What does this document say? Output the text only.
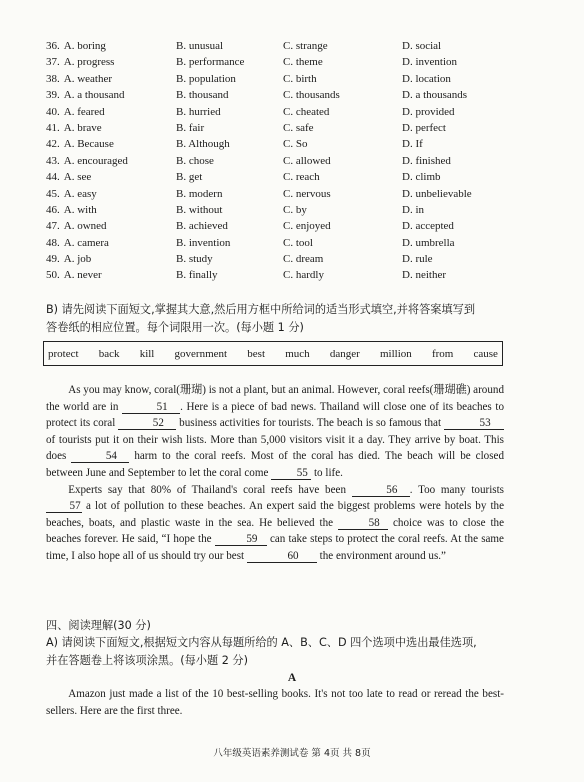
36. A. boring	B. unusual	C. strange	D. social
37. A. progress	B. performance	C. theme	D. invention
38. A. weather	B. population	C. birth	D. location
39. A. a thousand	B. thousand	C. thousands	D. a thousands
40. A. feared	B. hurried	C. cheated	D. provided
41. A. brave	B. fair	C. safe	D. perfect
42. A. Because	B. Although	C. So	D. If
43. A. encouraged	B. chose	C. allowed	D. finished
44. A. see	B. get	C. reach	D. climb
45. A. easy	B. modern	C. nervous	D. unbelievable
46. A. with	B. without	C. by	D. in
47. A. owned	B. achieved	C. enjoyed	D. accepted
48. A. camera	B. invention	C. tool	D. umbrella
49. A. job	B. study	C. dream	D. rule
50. A. never	B. finally	C. hardly	D. neither
B) 请先阅读下面短文,掌握其大意,然后用方框中所给词的适当形式填空,并将答案填写到
答卷纸的相应位置。每个词限用一次。(每小题 1 分)
protect back kill government best much danger million from cause

As you may know, coral(珊瑚) is not a plant, but an animal. However, coral reefs(珊瑚礁) around the world are in	51 . Here is a piece of bad news. Thailand will close one of its beaches to protect its coral	52 business activities for tourists. The beach is so famous that	53 of tourists put it on their wish lists. More than 5,000 visitors visit it a day. They arrive by boat. This does	54 harm to the coral reefs. Most of the coral has died. The beach will be closed between June and September to let the coral come 55 to life.

Experts say that 80% of Thailand's coral reefs have been	56 . Too many tourists 57 a lot of pollution to these beaches. An expert said the biggest problems were hotels by the beaches, boats, and plastic waste in the sea. He believed the	58 choice was to close the beaches forever. He said, “I hope the	59 can take steps to protect the coral reefs. At the same time, I also hope all of us should try our best	60 the environment around us.”

四、阅读理解(30 分)
A) 请阅读下面短文,根据短文内容从每题所给的 A、B、C、D 四个选项中选出最佳选项,
并在答题卷上将该项涂黑。(每小题 2 分)
A

Amazon just made a list of the 10 best-selling books. It's not too late to read or reread the best-sellers. Here are the first three.

八年级英语素养测试卷 第 4页 共 8页
